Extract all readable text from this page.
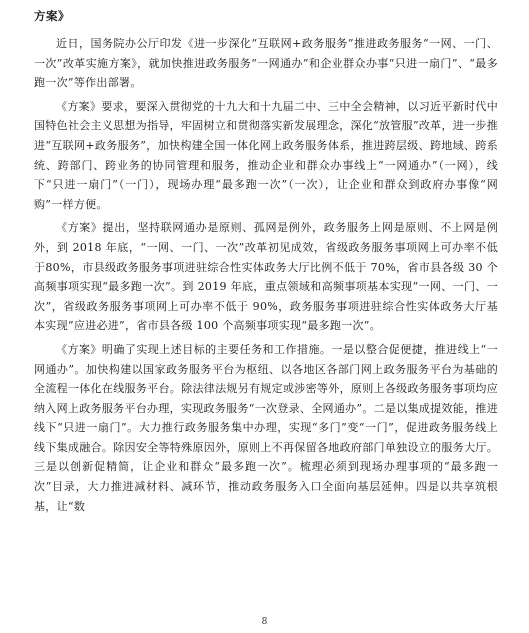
方案》

近日，国务院办公厅印发《进一步深化“互联网+政务服务”推进政务服务“一网、一门、一次”改革实施方案》，就加快推进政务服务“一网通办”和企业群众办事“只进一扇门”、“最多跑一次”等作出部署。

《方案》要求，要深入贯彻党的十九大和十九届二中、三中全会精神，以习近平新时代中国特色社会主义思想为指导，牢固树立和贯彻落实新发展理念，深化“放管服”改革，进一步推进“互联网+政务服务”，加快构建全国一体化网上政务服务体系，推进跨层级、跨地域、跨系统、跨部门、跨业务的协同管理和服务，推动企业和群众办事线上“一网通办”（一网），线下“只进一扇门”（一门），现场办理“最多跑一次”（一次），让企业和群众到政府办事像“网购”一样方便。

《方案》提出，坚持联网通办是原则、孤网是例外，政务服务上网是原则、不上网是例外，到 2018 年底，“一网、一门、一次”改革初见成效，省级政务服务事项网上可办率不低于80%，市县级政务服务事项进驻综合性实体政务大厅比例不低于 70%，省市县各级 30 个高频事项实现“最多跑一次”。到 2019 年底，重点领域和高频事项基本实现“一网、一门、一次”，省级政务服务事项网上可办率不低于 90%，政务服务事项进驻综合性实体政务大厅基本实现“应进必进”，省市县各级 100 个高频事项实现“最多跑一次”。

《方案》明确了实现上述目标的主要任务和工作措施。一是以整合促便捷，推进线上“一网通办”。加快构建以国家政务服务平台为枢纽、以各地区各部门网上政务服务平台为基础的全流程一体化在线服务平台。除法律法规另有规定或涉密等外，原则上各级政务服务事项均应纳入网上政务服务平台办理，实现政务服务“一次登录、全网通办”。二是以集成提效能，推进线下“只进一扇门”。大力推行政务服务集中办理，实现“多门”变“一门”，促进政务服务线上线下集成融合。除因安全等特殊原因外，原则上不再保留各地政府部门单独设立的服务大厅。三是以创新促精简，让企业和群众“最多跑一次”。梳理必须到现场办理事项的“最多跑一次”目录，大力推进减材料、减环节，推动政务服务入口全面向基层延伸。四是以共享筑根基，让“数

8
